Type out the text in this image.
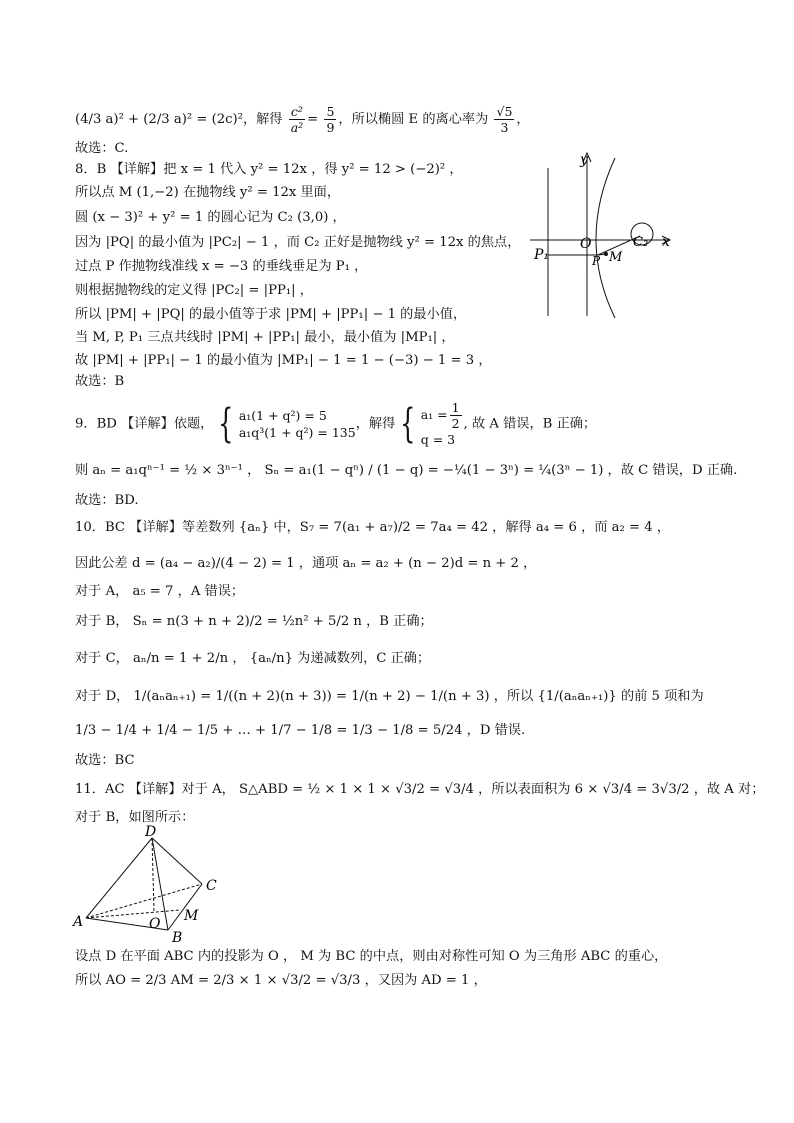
(4/3 a)² + (2/3 a)² = (2c)²，解得 $\frac{\text{c²}}{\text{a²}} = \frac{5}{9}$ ，所以椭圆 E 的离心率为 $\frac{√5}{3}$ ，
故选：C.
8．B 【详解】把 x = 1 代入 y² = 12x ，得 y² = 12 > (−2)² ，
所以点 M (1,−2) 在抛物线 y² = 12x 里面，
圆 (x − 3)² + y² = 1 的圆心记为 C₂ (3,0) ，
因为 |PQ| 的最小值为 |PC₂| − 1 ，而 C₂ 正好是抛物线 y² = 12x 的焦点，
过点 P 作抛物线准线 x = −3 的垂线垂足为 P₁ ，
则根据抛物线的定义得 |PC₂| = |PP₁| ，
所以 |PM| + |PQ| 的最小值等于求 |PM| + |PP₁| − 1 的最小值，
当 M, P, P₁ 三点共线时 |PM| + |PP₁| 最小，最小值为 |MP₁| ，
故 |PM| + |PP₁| − 1 的最小值为 |MP₁| − 1 = 1 − (−3) − 1 = 3 ，
故选：B
y
x
O
P₁	P M
C₂
9．BD 【详解】依题， { a₁(1 + q²) = 5
a₁q³(1 + q²) = 135
，解得 { $a_1 = \frac{1}{2}$
q = 3
, 故 A 错误，B 正确；
则 aₙ = a₁qⁿ⁻¹ = ½ × 3ⁿ⁻¹ ， Sₙ = a₁(1 − qⁿ) / (1 − q) = −¼(1 − 3ⁿ) = ¼(3ⁿ − 1) ，故 C 错误，D 正确.
故选：BD.
10．BC 【详解】等差数列 {aₙ} 中，S₇ = 7(a₁ + a₇)/2 = 7a₄ = 42 ，解得 a₄ = 6 ，而 a₂ = 4 ，
因此公差 d = (a₄ − a₂)/(4 − 2) = 1 ，通项 aₙ = a₂ + (n − 2)d = n + 2 ，
对于 A， a₅ = 7 ，A 错误；
对于 B， Sₙ = n(3 + n + 2)/2 = ½n² + 5/2 n ，B 正确；
对于 C， aₙ/n = 1 + 2/n ， {aₙ/n} 为递减数列，C 正确；
对于 D， 1/(aₙaₙ₊₁) = 1/((n + 2)(n + 3)) = 1/(n + 2) − 1/(n + 3) ，所以 {1/(aₙaₙ₊₁)} 的前 5 项和为
1/3 − 1/4 + 1/4 − 1/5 + … + 1/7 − 1/8 = 1/3 − 1/8 = 5/24 ，D 错误.
故选：BC
11．AC 【详解】对于 A， S△ABD = ½ × 1 × 1 × √3/2 = √3/4 ，所以表面积为 6 × √3/4 = 3√3/2 ，故 A 对；
对于 B，如图所示：
D
C
A	O M
B
设点 D 在平面 ABC 内的投影为 O ， M 为 BC 的中点，则由对称性可知 O 为三角形 ABC 的重心，
所以 AO = 2/3 AM = 2/3 × 1 × √3/2 = √3/3 ，又因为 AD = 1 ，
